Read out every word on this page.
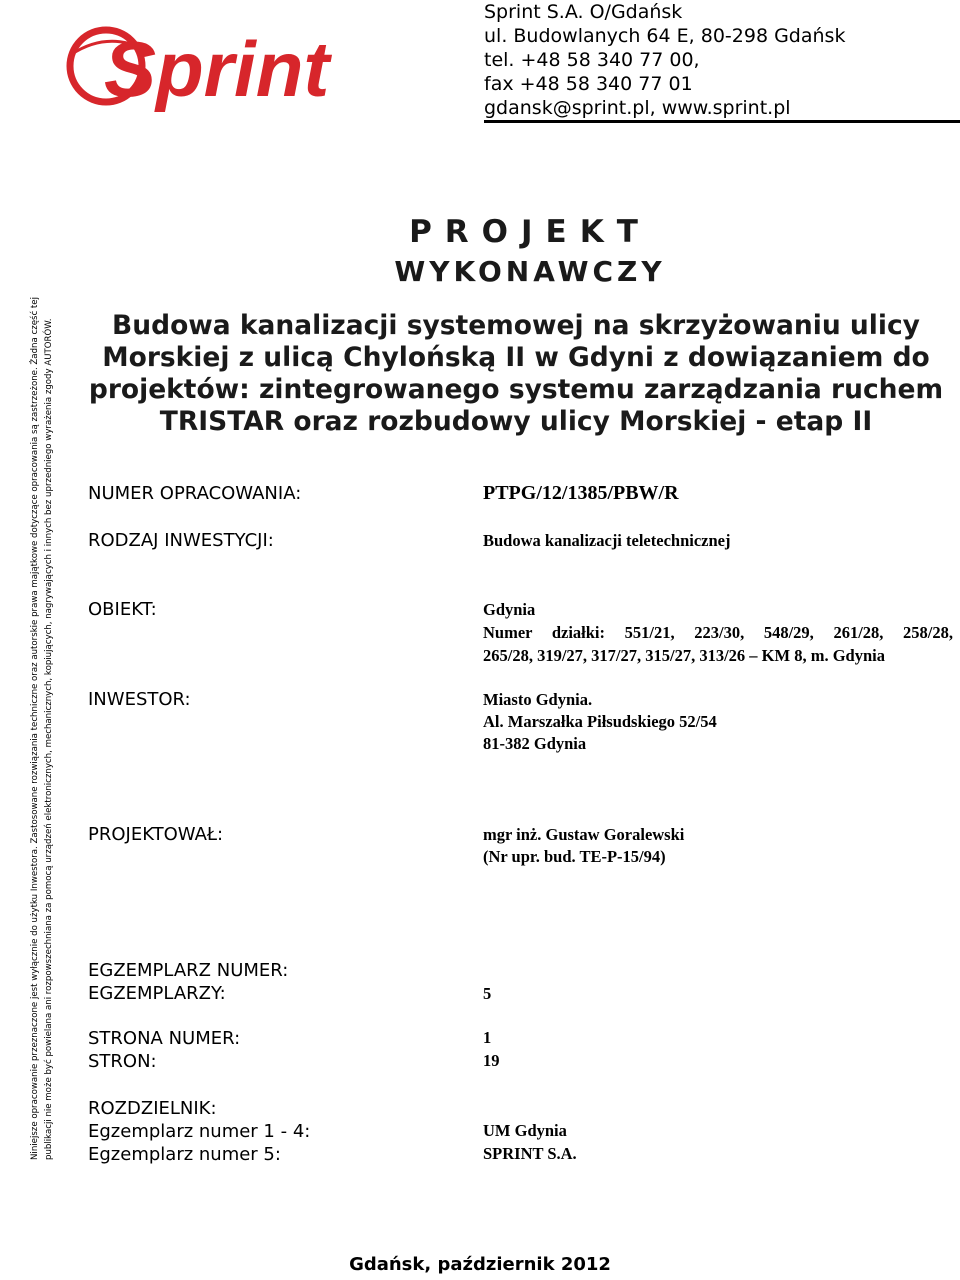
Sprint
Sprint S.A. O/Gdańsk
ul. Budowlanych 64 E, 80-298 Gdańsk
tel. +48 58 340 77 00,
fax +48 58 340 77 01
gdansk@sprint.pl, www.sprint.pl
Niniejsze opracowanie przeznaczone jest wyłącznie do użytku Inwestora. Zastosowane rozwiązania techniczne oraz autorskie prawa majątkowe dotyczące opracowania są zastrzeżone. Żadna część tej publikacji nie może być powielana ani rozpowszechniana za pomocą urządzeń elektronicznych, mechanicznych, kopiujących, nagrywających i innych bez uprzedniego wyrażenia zgody AUTORÓW.
PROJEKT
WYKONAWCZY
Budowa kanalizacji systemowej na skrzyżowaniu ulicy
Morskiej z ulicą Chylońską II w Gdyni z dowiązaniem do
projektów: zintegrowanego systemu zarządzania ruchem
TRISTAR oraz rozbudowy ulicy Morskiej - etap II
NUMER OPRACOWANIA:	PTPG/12/1385/PBW/R
RODZAJ INWESTYCJI:	Budowa kanalizacji teletechnicznej
OBIEKT:	Gdynia
Numer działki: 551/21, 223/30, 548/29, 261/28, 258/28,
265/28, 319/27, 317/27, 315/27, 313/26 – KM 8, m. Gdynia
INWESTOR:	Miasto Gdynia.
Al. Marszałka Piłsudskiego 52/54
81-382 Gdynia
PROJEKTOWAŁ:	mgr inż. Gustaw Goralewski
(Nr upr. bud. TE-P-15/94)
EGZEMPLARZ NUMER:
EGZEMPLARZY:	5
STRONA NUMER:	1
STRON:	19
ROZDZIELNIK:
Egzemplarz numer 1 - 4:	UM Gdynia
Egzemplarz numer 5:	SPRINT S.A.
Gdańsk, październik 2012
